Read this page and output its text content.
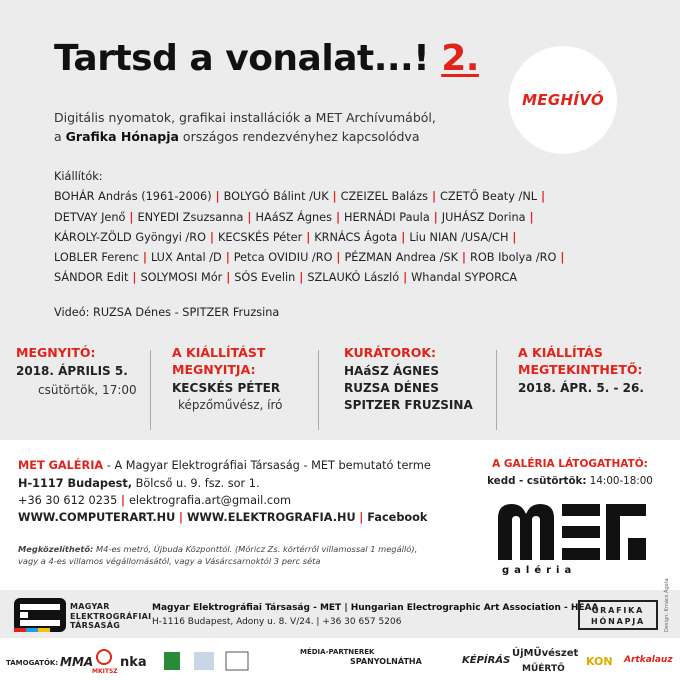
Tartsd a vonalat...! 2.
MEGHÍVÓ
Digitális nyomatok, grafikai installációk a MET Archívumából,
a Grafika Hónapja országos rendezvényhez kapcsolódva
Kiállítók:
BOHÁR András (1961-2006) | BOLYGÓ Bálint /UK | CZEIZEL Balázs | CZETŐ Beaty /NL |
DETVAY Jenő | ENYEDI Zsuzsanna | HAáSZ Ágnes | HERNÁDI Paula | JUHÁSZ Dorina |
KÁROLY-ZÖLD Gyöngyi /RO | KECSKÉS Péter | KRNÁCS Ágota | Liu NIAN /USA/CH |
LOBLER Ferenc | LUX Antal /D | Petca OVIDIU /RO | PÉZMAN Andrea /SK | ROB Ibolya /RO |
SÁNDOR Edit | SOLYMOSI Mór | SÓS Evelin | SZLAUKÓ László | Whandal SYPORCA
Videó: RUZSA Dénes - SPITZER Fruzsina
MEGNYITÓ:
2018. ÁPRILIS 5.
csütörtök, 17:00
A KIÁLLÍTÁST
MEGNYITJA:
KECSKÉS PÉTER
képzőművész, író
KURÁTOROK:
HAáSZ ÁGNES
RUZSA DÉNES
SPITZER FRUZSINA
A KIÁLLÍTÁS
MEGTEKINTHETŐ:
2018. ÁPR. 5. - 26.
MET GALÉRIA - A Magyar Elektrográfiai Társaság - MET bemutató terme
H-1117 Budapest, Bölcső u. 9. fsz. sor 1.
+36 30 612 0235 | elektrografia.art@gmail.com
WWW.COMPUTERART.HU | WWW.ELEKTROGRAFIA.HU | Facebook
Megközelíthető: M4-es metró, Újbuda Központtól. (Móricz Zs. körtérről villamossal 1 megálló),
vagy a 4-es villamos végállomásától, vagy a Vásárcsarnoktól 3 perc séta
A GALÉRIA LÁTOGATHATÓ:
kedd - csütörtök: 14:00-18:00
galéria
MAGYAR
ELEKTROGRÁFIAI
TÁRSASÁG
Magyar Elektrográfiai Társaság - MET | Hungarian Electrographic Art Association - HEAA
H-1116 Budapest, Adony u. 8. V/24. | +36 30 657 5206
GRAFIKA
HÓNAPJA	Design: Krnács Ágota
TÁMOGATÓK: MMA
MKITSZ
nka
MÉDIA-PARTNEREK
SPANYOLNÁTHA	KÉPÍRÁS
ÚjMŰvészet
MŰÉRTŐ
KON Artkalauz
